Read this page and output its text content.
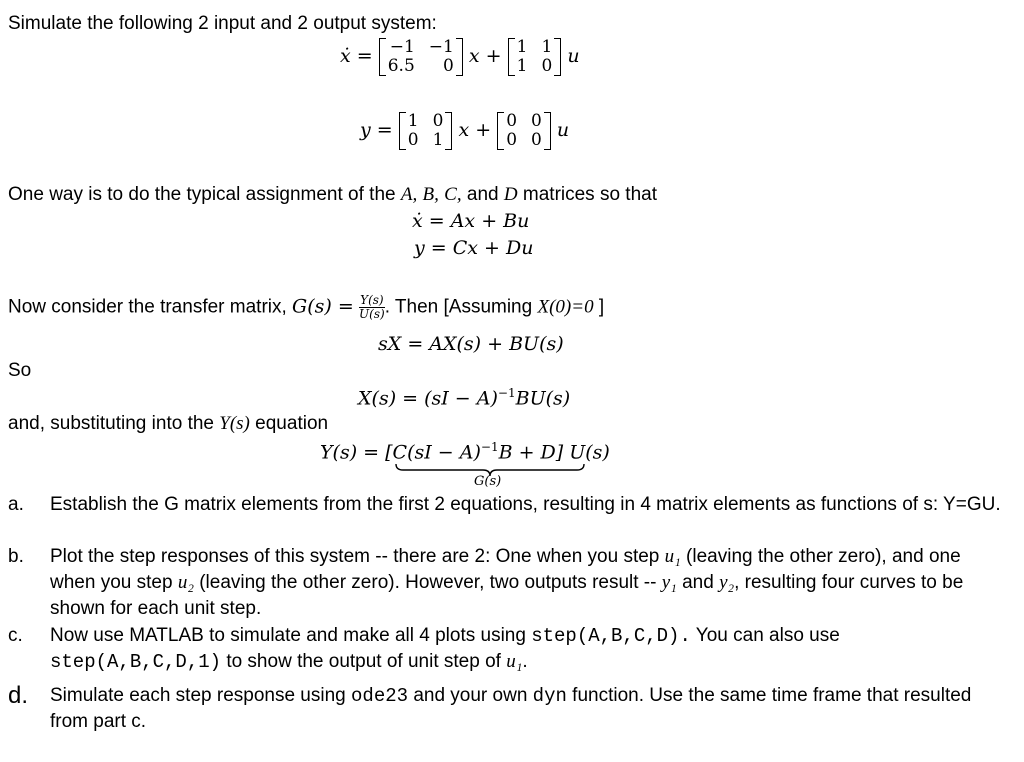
Simulate the following 2 input and 2 output system:
ẋ = −1 −1
6.5	0 x + 1 1
1 0 u
y = 1 0
0 1 x + 0 0
0 0 u
One way is to do the typical assignment of the A, B, C, and D matrices so that
ẋ = Ax + Bu
y = Cx + Du
Now consider the transfer matrix, $G(s) = \frac{Y(s)}{U(s)}$ . Then [Assuming X(0)=0 ]
sX = AX(s) + BU(s)
So
X(s) = (sI − A)$^{-1}$BU(s)
and, substituting into the Y(s) equation
Y(s) = [C(sI − A)$^{-1}$B + D] U(s)
G(s)
a. Establish the G matrix elements from the first 2 equations, resulting in 4 matrix elements as functions of s: Y=GU.
b. Plot the step responses of this system -- there are 2: One when you step u₁ (leaving the other zero), and one when you step u₂ (leaving the other zero). However, two outputs result -- y₁ and y₂, resulting four curves to be shown for each unit step.
c. Now use MATLAB to simulate and make all 4 plots using step(A,B,C,D). You can also use step(A,B,C,D,1) to show the output of unit step of u₁.
d. Simulate each step response using ode23 and your own dyn function. Use the same time frame that resulted from part c.
